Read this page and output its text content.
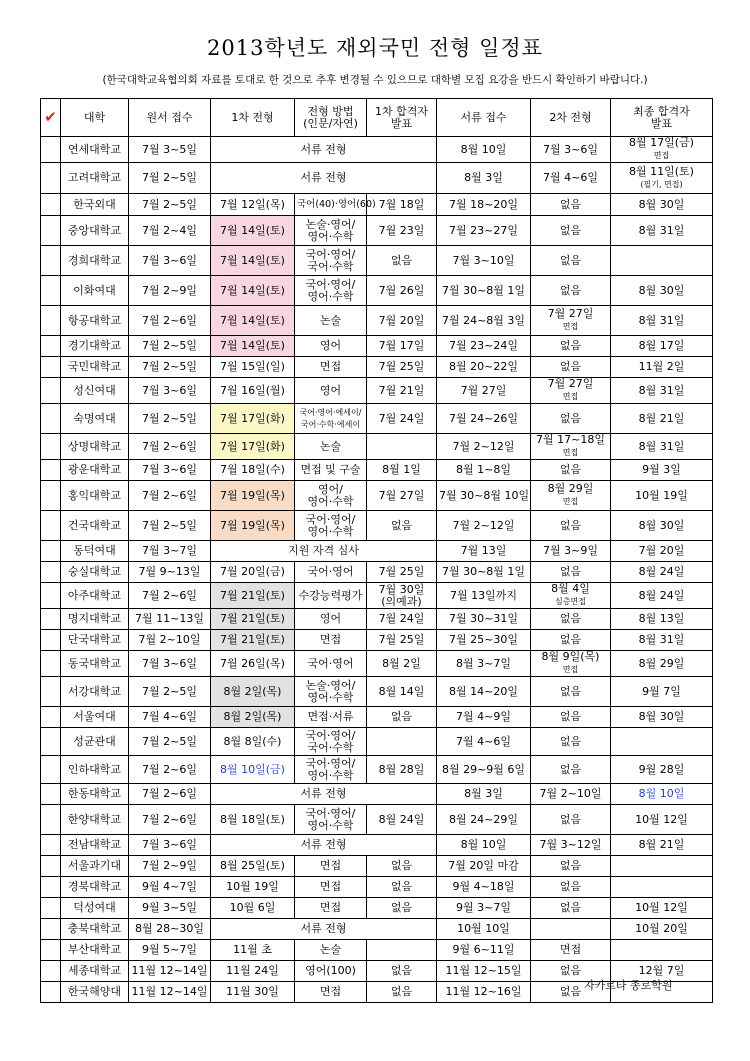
2013학년도 재외국민 전형 일정표
(한국대학교육협의회 자료를 토대로 한 것으로 추후 변경될 수 있으므로 대학별 모집 요강을 반드시 확인하기 바랍니다.)
✔	대학	원서 접수	1차 전형	전형 방법
(인문/자연)	1차 합격자
발표	서류 접수	2차 전형	최종 합격자
발표	
	연세대학교	7월 3~5일	서류 전형			8월 10일	7월 3~6일	8월 17일(금)
면접	
	고려대학교	7월 2~5일	서류 전형			8월 3일	7월 4~6일	8월 11일(토)
(필기, 면접)	

	한국외대	7월 2~5일	7월 12일(목)	국어(40)·영어(60)	7월 18일	7월 18~20일	없음	8월 30일	
	중앙대학교	7월 2~4일	7월 14일(토)	논술·영어/
영어·수학	7월 23일	7월 23~27일	없음	8월 31일	
	경희대학교	7월 3~6일	7월 14일(토)	국어·영어/
국어·수학	없음	7월 3~10일	없음		
	이화여대	7월 2~9일	7월 14일(토)	국어·영어/
영어·수학	7월 26일	7월 30~8월 1일	없음	8월 30일	
	항공대학교	7월 2~6일	7월 14일(토)	논술	7월 20일	7월 24~8월 3일	7월 27일
면접	8월 31일	
	경기대학교	7월 2~5일	7월 14일(토)	영어	7월 17일	7월 23~24일	없음	8월 17일	
	국민대학교	7월 2~5일	7월 15일(일)	면접	7월 25일	8월 20~22일	없음	11월 2일	
	성신여대	7월 3~6일	7월 16일(월)	영어	7월 21일	7월 27일	7월 27일
면접	8월 31일	
	숙명여대	7월 2~5일	7월 17일(화)	국어·영어·에세이/
국어·수학·에세이	7월 24일	7월 24~26일	없음	8월 21일	
	상명대학교	7월 2~6일	7월 17일(화)	논술		7월 2~12일	7월 17~18일
면접	8월 31일	
	광운대학교	7월 3~6일	7월 18일(수)	면접 및 구술	8월 1일	8월 1~8일	없음	9월 3일	
	홍익대학교	7월 2~6일	7월 19일(목)	영어/
영어·수학	7월 27일	7월 30~8월 10일	8월 29일
면접	10월 19일	
	건국대학교	7월 2~5일	7월 19일(목)	국어·영어/
영어·수학	없음	7월 2~12일	없음	8월 30일	
	동덕여대	7월 3~7일	지원 자격 심사			7월 13일	7월 3~9일	7월 20일	
	숭실대학교	7월 9~13일	7월 20일(금)	국어·영어	7월 25일	7월 30~8월 1일	없음	8월 24일	
	아주대학교	7월 2~6일	7월 21일(토)	수강능력평가	7월 30일
(의예과)	7월 13일까지	8월 4일
심층면접	8월 24일	
	명지대학교	7월 11~13일	7월 21일(토)	영어	7월 24일	7월 30~31일	없음	8월 13일	
	단국대학교	7월 2~10일	7월 21일(토)	면접	7월 25일	7월 25~30일	없음	8월 31일	
	동국대학교	7월 3~6일	7월 26일(목)	국어·영어	8월 2일	8월 3~7일	8월 9일(목)
면접	8월 29일	
	서강대학교	7월 2~5일	8월 2일(목)	논술·영어/
영어·수학	8월 14일	8월 14~20일	없음	9월 7일	
	서울여대	7월 4~6일	8월 2일(목)	면접·서류	없음	7월 4~9일	없음	8월 30일	
	성균관대	7월 2~5일	8월 8일(수)	국어·영어/
국어·수학		7월 4~6일	없음		
	인하대학교	7월 2~6일	8월 10일(금)	국어·영어/
영어·수학	8월 28일	8월 29~9월 6일	없음	9월 28일	
	한동대학교	7월 2~6일	서류 전형			8월 3일	7월 2~10일	8월 10일	
	한양대학교	7월 2~6일	8월 18일(토)	국어·영어/
영어·수학	8월 24일	8월 24~29일	없음	10월 12일	
	전남대학교	7월 3~6일	서류 전형			8월 10일	7월 3~12일	8월 21일	
	서울과기대	7월 2~9일	8월 25일(토)	면접	없음	7월 20일 마감	없음		
	경북대학교	9월 4~7일	10월 19일	면접	없음	9월 4~18일	없음		
	덕성여대	9월 3~5일	10월 6일	면접	없음	9월 3~7일	없음	10월 12일	
	충북대학교	8월 28~30일	서류 전형			10월 10일		10월 20일	
	부산대학교	9월 5~7일	11월 초	논술		9월 6~11일	면접		
	세종대학교	11월 12~14일	11월 24일	영어(100)	없음	11월 12~15일	없음	12월 7일	
	한국해양대	11월 12~14일	11월 30일	면접	없음	11월 12~16일	없음		자카르타 종로학원
